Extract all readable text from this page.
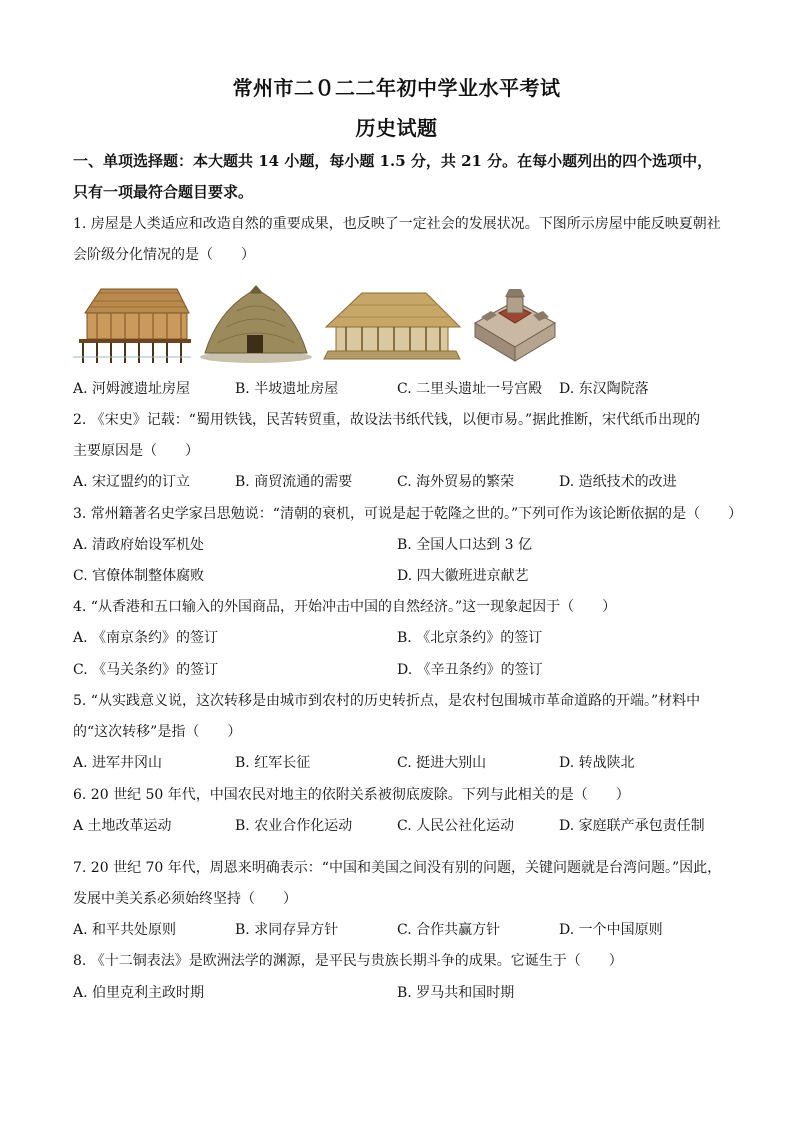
常州市二０二二年初中学业水平考试
历史试题
一、单项选择题：本大题共 14 小题，每小题 1.5 分，共 21 分。在每小题列出的四个选项中，
只有一项最符合题目要求。
1. 房屋是人类适应和改造自然的重要成果，也反映了一定社会的发展状况。下图所示房屋中能反映夏朝社
会阶级分化情况的是（　　）
A. 河姆渡遗址房屋	B. 半坡遗址房屋	C. 二里头遗址一号宫殿 D. 东汉陶院落
2. 《宋史》记载：“蜀用铁钱，民苦转贸重，故设法书纸代钱，以便市易。”据此推断，宋代纸币出现的
主要原因是（　　）
A. 宋辽盟约的订立	B. 商贸流通的需要	C. 海外贸易的繁荣	D. 造纸技术的改进
3. 常州籍著名史学家吕思勉说：“清朝的衰机，可说是起于乾隆之世的。”下列可作为该论断依据的是（　　）
A. 清政府始设军机处	B. 全国人口达到 3 亿
C. 官僚体制整体腐败	D. 四大徽班进京献艺
4. “从香港和五口输入的外国商品，开始冲击中国的自然经济。”这一现象起因于（　　）
A. 《南京条约》的签订	B. 《北京条约》的签订
C. 《马关条约》的签订	D. 《辛丑条约》的签订
5. “从实践意义说，这次转移是由城市到农村的历史转折点，是农村包围城市革命道路的开端。”材料中
的“这次转移”是指（　　）
A. 进军井冈山	B. 红军长征	C. 挺进大别山	D. 转战陕北
6. 20 世纪 50 年代，中国农民对地主的依附关系被彻底废除。下列与此相关的是（　　）
A 土地改革运动	B. 农业合作化运动	C. 人民公社化运动	D. 家庭联产承包责任制
7. 20 世纪 70 年代，周恩来明确表示：“中国和美国之间没有别的问题，关键问题就是台湾问题。”因此，
发展中美关系必须始终坚持（　　）
A. 和平共处原则	B. 求同存异方针	C. 合作共赢方针	D. 一个中国原则
8. 《十二铜表法》是欧洲法学的渊源，是平民与贵族长期斗争的成果。它诞生于（　　）
A. 伯里克利主政时期	B. 罗马共和国时期
